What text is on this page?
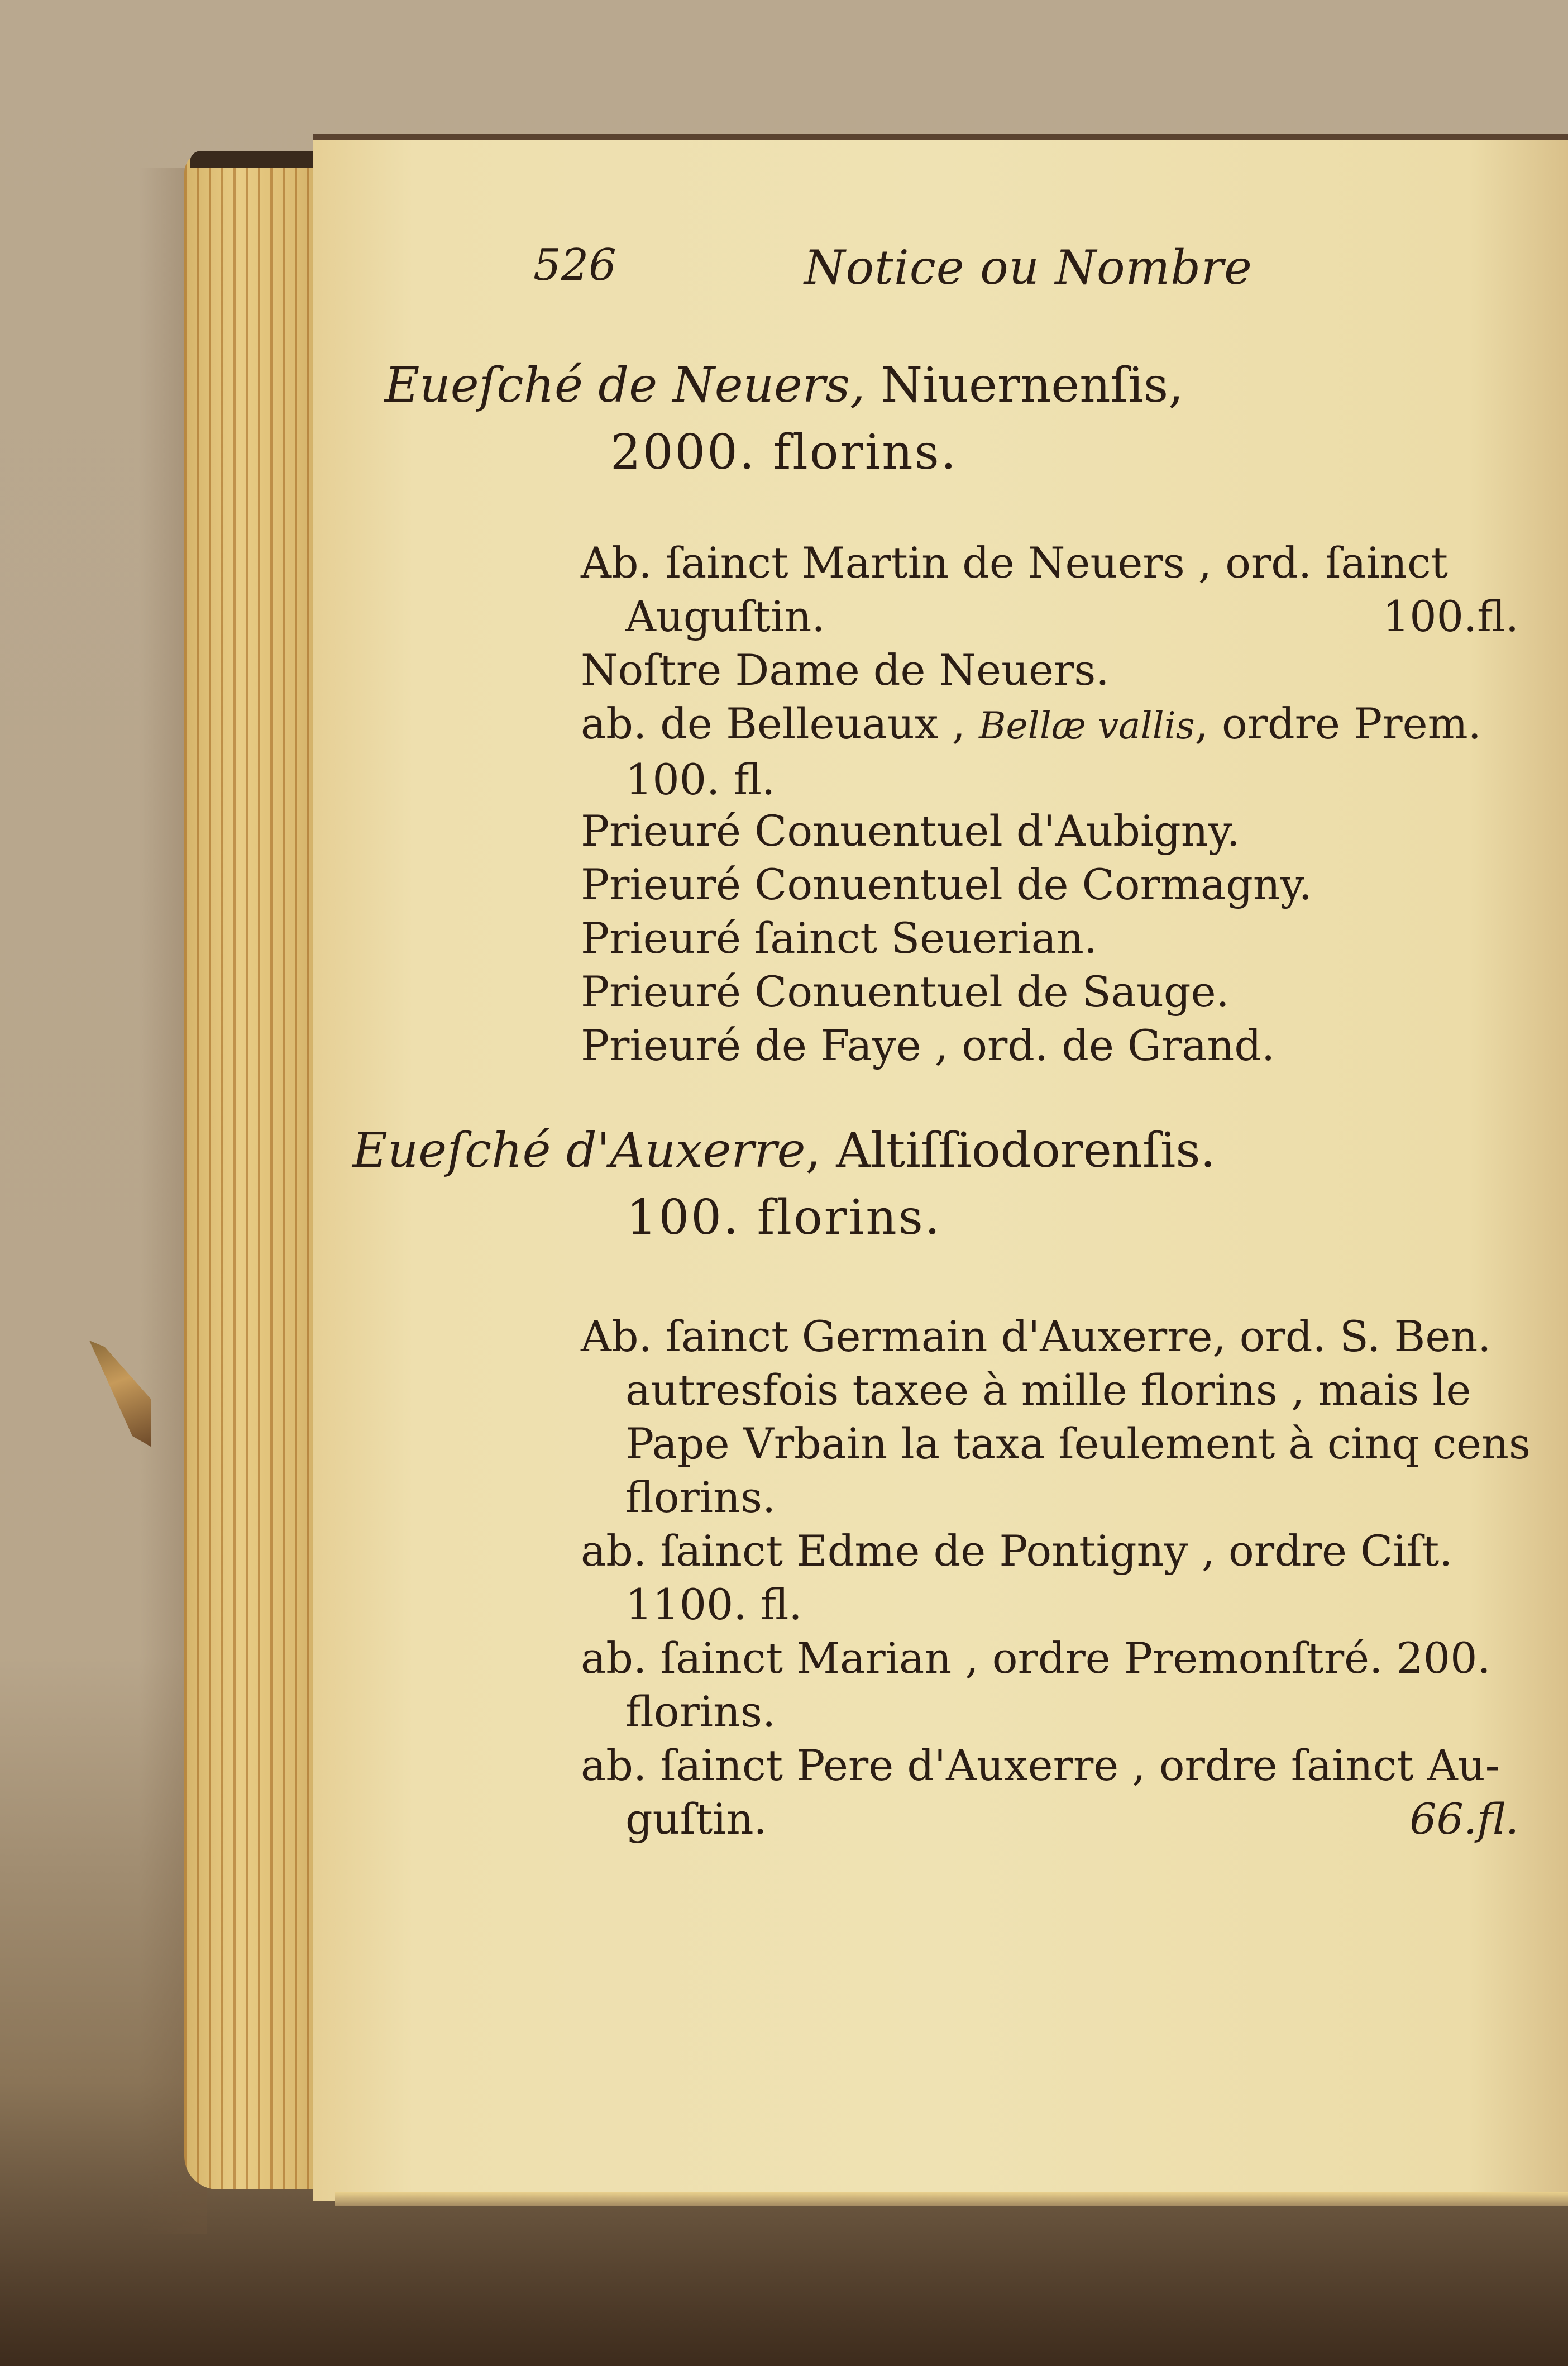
526	Notice ou Nombre
Eueſché de Neuers, Niuernenſis,
2000. florins.
Ab. ſainct Martin de Neuers , ord. ſainct
Auguſtin.	100.fl.
Noſtre Dame de Neuers.
ab. de Belleuaux , Bellæ vallis, ordre Prem.
100. fl.
Prieuré Conuentuel d'Aubigny.
Prieuré Conuentuel de Cormagny.
Prieuré ſainct Seuerian.
Prieuré Conuentuel de Sauge.
Prieuré de Faye , ord. de Grand.
Eueſché d'Auxerre, Altiſſiodorenſis.
100. florins.
Ab. ſainct Germain d'Auxerre, ord. S. Ben.
autresfois taxee à mille florins , mais le
Pape Vrbain la taxa ſeulement à cinq cens
florins.
ab. ſainct Edme de Pontigny , ordre Ciſt.
1100. fl.
ab. ſainct Marian , ordre Premonſtré. 200.
florins.
ab. ſainct Pere d'Auxerre , ordre ſainct Au-
guſtin.	66.fl.
